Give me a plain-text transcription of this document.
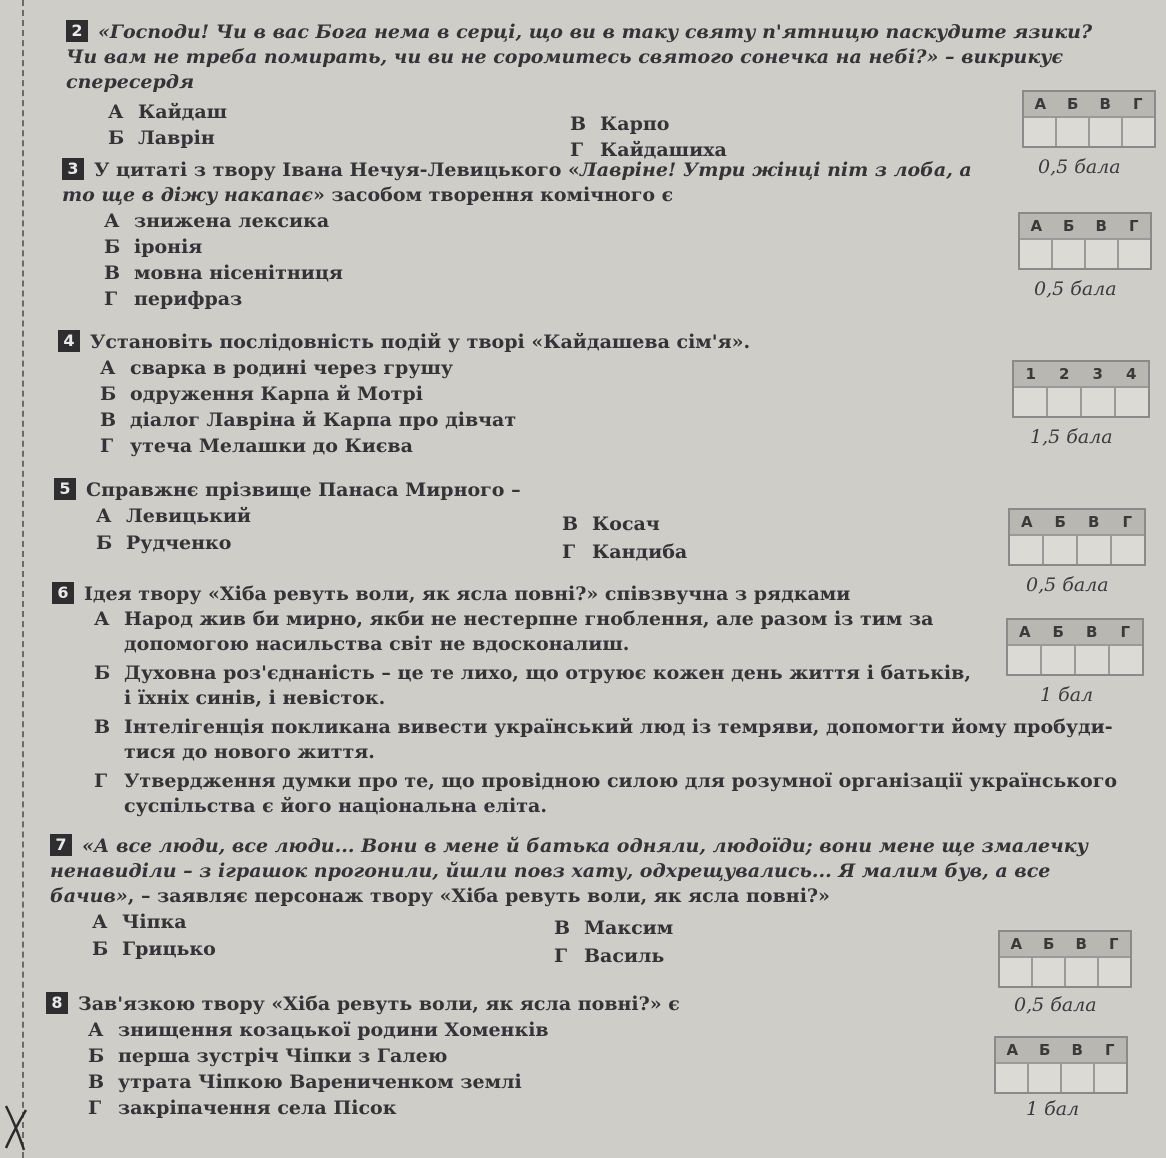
2 «Господи! Чи в вас Бога нема в серці, що ви в таку святу п'ятницю паскудите язики? Чи вам не треба помирать, чи ви не соромитесь святого сонечка на небі?» – викрикує спересердя
А Кайдаш
Б Лаврін
В Карпо
Г Кайдашиха
А	Б	В	Г
0,5 бала
3 У цитаті з твору Івана Нечуя-Левицького «Лавріне! Утри жінці піт з лоба, а то ще в діжу накапає» засобом творення комічного є
А знижена лексика
Б іронія
В мовна нісенітниця
Г перифраз
А	Б	В	Г
0,5 бала
4 Установіть послідовність подій у творі «Кайдашева сім'я».
А сварка в родині через грушу
Б одруження Карпа й Мотрі
В діалог Лавріна й Карпа про дівчат
Г утеча Мелашки до Києва
1	2	3	4
1,5 бала
5 Справжнє прізвище Панаса Мирного –
А Левицький
Б Рудченко
В Косач
Г Кандиба
А	Б	В	Г
0,5 бала
6 Ідея твору «Хіба ревуть воли, як ясла повні?» співзвучна з рядками
А Народ жив би мирно, якби не нестерпне гноблення, але разом із тим за
допомогою насильства світ не вдосконалиш.
Б Духовна роз'єднаність – це те лихо, що отруює кожен день життя і батьків,
і їхніх синів, і невісток.
В Інтелігенція покликана вивести український люд із темряви, допомогти йому пробуди-
тися до нового життя.
Г Утвердження думки про те, що провідною силою для розумної організації українського
суспільства є його національна еліта.
А	Б	В	Г
1 бал
7 «А все люди, все люди... Вони в мене й батька одняли, людоїди; вони мене ще змалечку ненавиділи – з іграшок прогонили, йшли повз хату, одхрещувались... Я малим був, а все бачив», – заявляє персонаж твору «Хіба ревуть воли, як ясла повні?»
А Чіпка
Б Грицько
В Максим
Г Василь
А	Б	В	Г
0,5 бала
8 Зав'язкою твору «Хіба ревуть воли, як ясла повні?» є
А знищення козацької родини Хоменків
Б перша зустріч Чіпки з Галею
В утрата Чіпкою Варениченком землі
Г закріпачення села Пісок
А	Б	В	Г
1 бал
